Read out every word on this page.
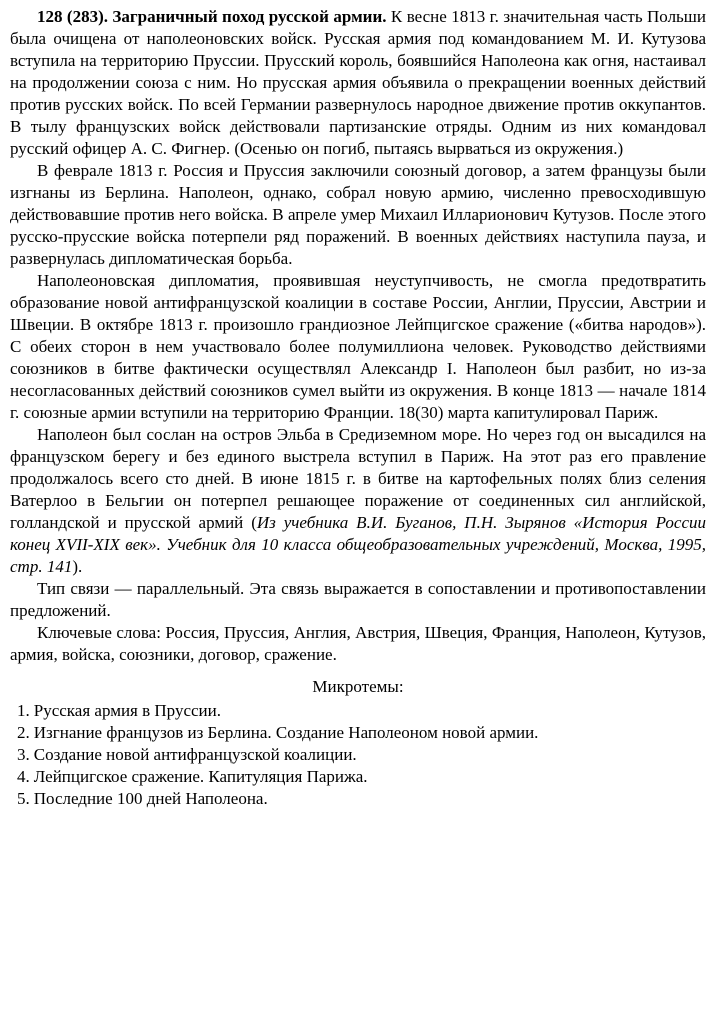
128 (283). Заграничный поход русской армии. К весне 1813 г. значительная часть Польши была очищена от наполеоновских войск. Русская армия под командованием М. И. Кутузова вступила на территорию Пруссии. Прусский король, боявшийся Наполеона как огня, настаивал на продолжении союза с ним. Но прусская армия объявила о прекращении военных действий против русских войск. По всей Германии развернулось народное движение против оккупантов. В тылу французских войск действовали партизанские отряды. Одним из них командовал русский офицер А. С. Фигнер. (Осенью он погиб, пытаясь вырваться из окружения.)

В феврале 1813 г. Россия и Пруссия заключили союзный договор, а затем французы были изгнаны из Берлина. Наполеон, однако, собрал новую армию, численно превосходившую действовавшие против него войска. В апреле умер Михаил Илларионович Кутузов. После этого русско-прусские войска потерпели ряд поражений. В военных действиях наступила пауза, и развернулась дипломатическая борьба.

Наполеоновская дипломатия, проявившая неуступчивость, не смогла предотвратить образование новой антифранцузской коалиции в составе России, Англии, Пруссии, Австрии и Швеции. В октябре 1813 г. произошло грандиозное Лейпцигское сражение («битва народов»). С обеих сторон в нем участвовало более полумиллиона человек. Руководство действиями союзников в битве фактически осуществлял Александр I. Наполеон был разбит, но из-за несогласованных действий союзников сумел выйти из окружения. В конце 1813 — начале 1814 г. союзные армии вступили на территорию Франции. 18(30) марта капитулировал Париж.

Наполеон был сослан на остров Эльба в Средиземном море. Но через год он высадился на французском берегу и без единого выстрела вступил в Париж. На этот раз его правление продолжалось всего сто дней. В июне 1815 г. в битве на картофельных полях близ селения Ватерлоо в Бельгии он потерпел решающее поражение от соединенных сил английской, голландской и прусской армий (Из учебника В.И. Буганов, П.Н. Зырянов «История России конец XVII-XIX век». Учебник для 10 класса общеобразовательных учреждений, Москва, 1995, стр. 141).

Тип связи — параллельный. Эта связь выражается в сопоставлении и противопоставлении предложений.

Ключевые слова: Россия, Пруссия, Англия, Австрия, Швеция, Франция, Наполеон, Кутузов, армия, войска, союзники, договор, сражение.

Микротемы:
1. Русская армия в Пруссии.
2. Изгнание французов из Берлина. Создание Наполеоном новой армии.
3. Создание новой антифранцузской коалиции.
4. Лейпцигское сражение. Капитуляция Парижа.
5. Последние 100 дней Наполеона.
